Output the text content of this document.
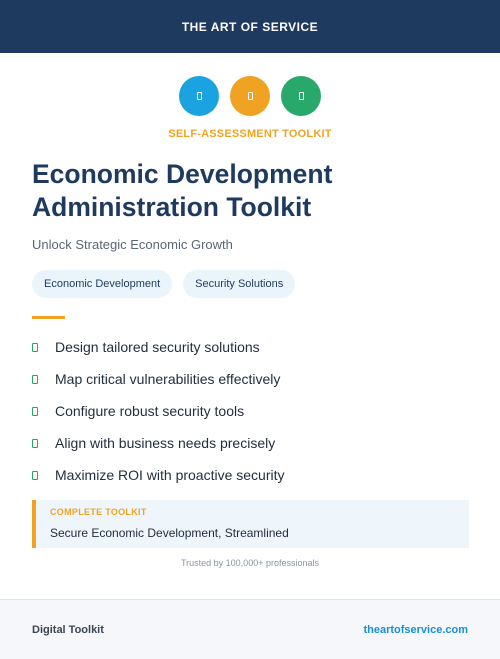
THE ART OF SERVICE
SELF-ASSESSMENT TOOLKIT
Economic Development Administration Toolkit
Unlock Strategic Economic Growth
Economic Development	Security Solutions
Design tailored security solutions
Map critical vulnerabilities effectively
Configure robust security tools
Align with business needs precisely
Maximize ROI with proactive security
COMPLETE TOOLKIT
Secure Economic Development, Streamlined
Trusted by 100,000+ professionals
Digital Toolkit	theartofservice.com
